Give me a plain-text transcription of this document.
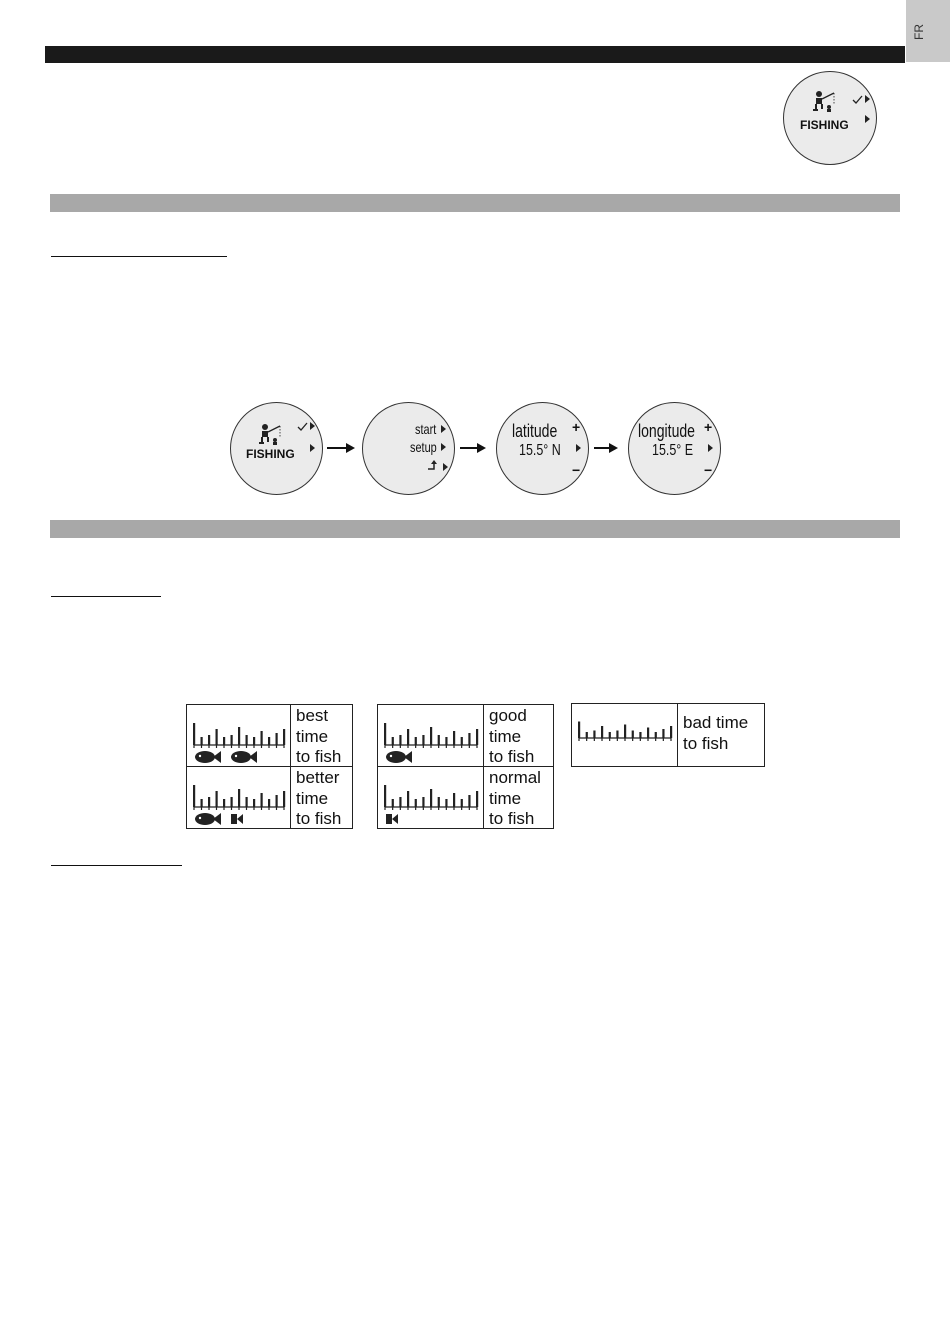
FR
FISHING
FISHING
start
setup
latitude
15.5° N
+
−
longitude
15.5° E
+
−
best
time
to fish
better
time
to fish
good
time
to fish
normal
time
to fish
bad time
to fish
